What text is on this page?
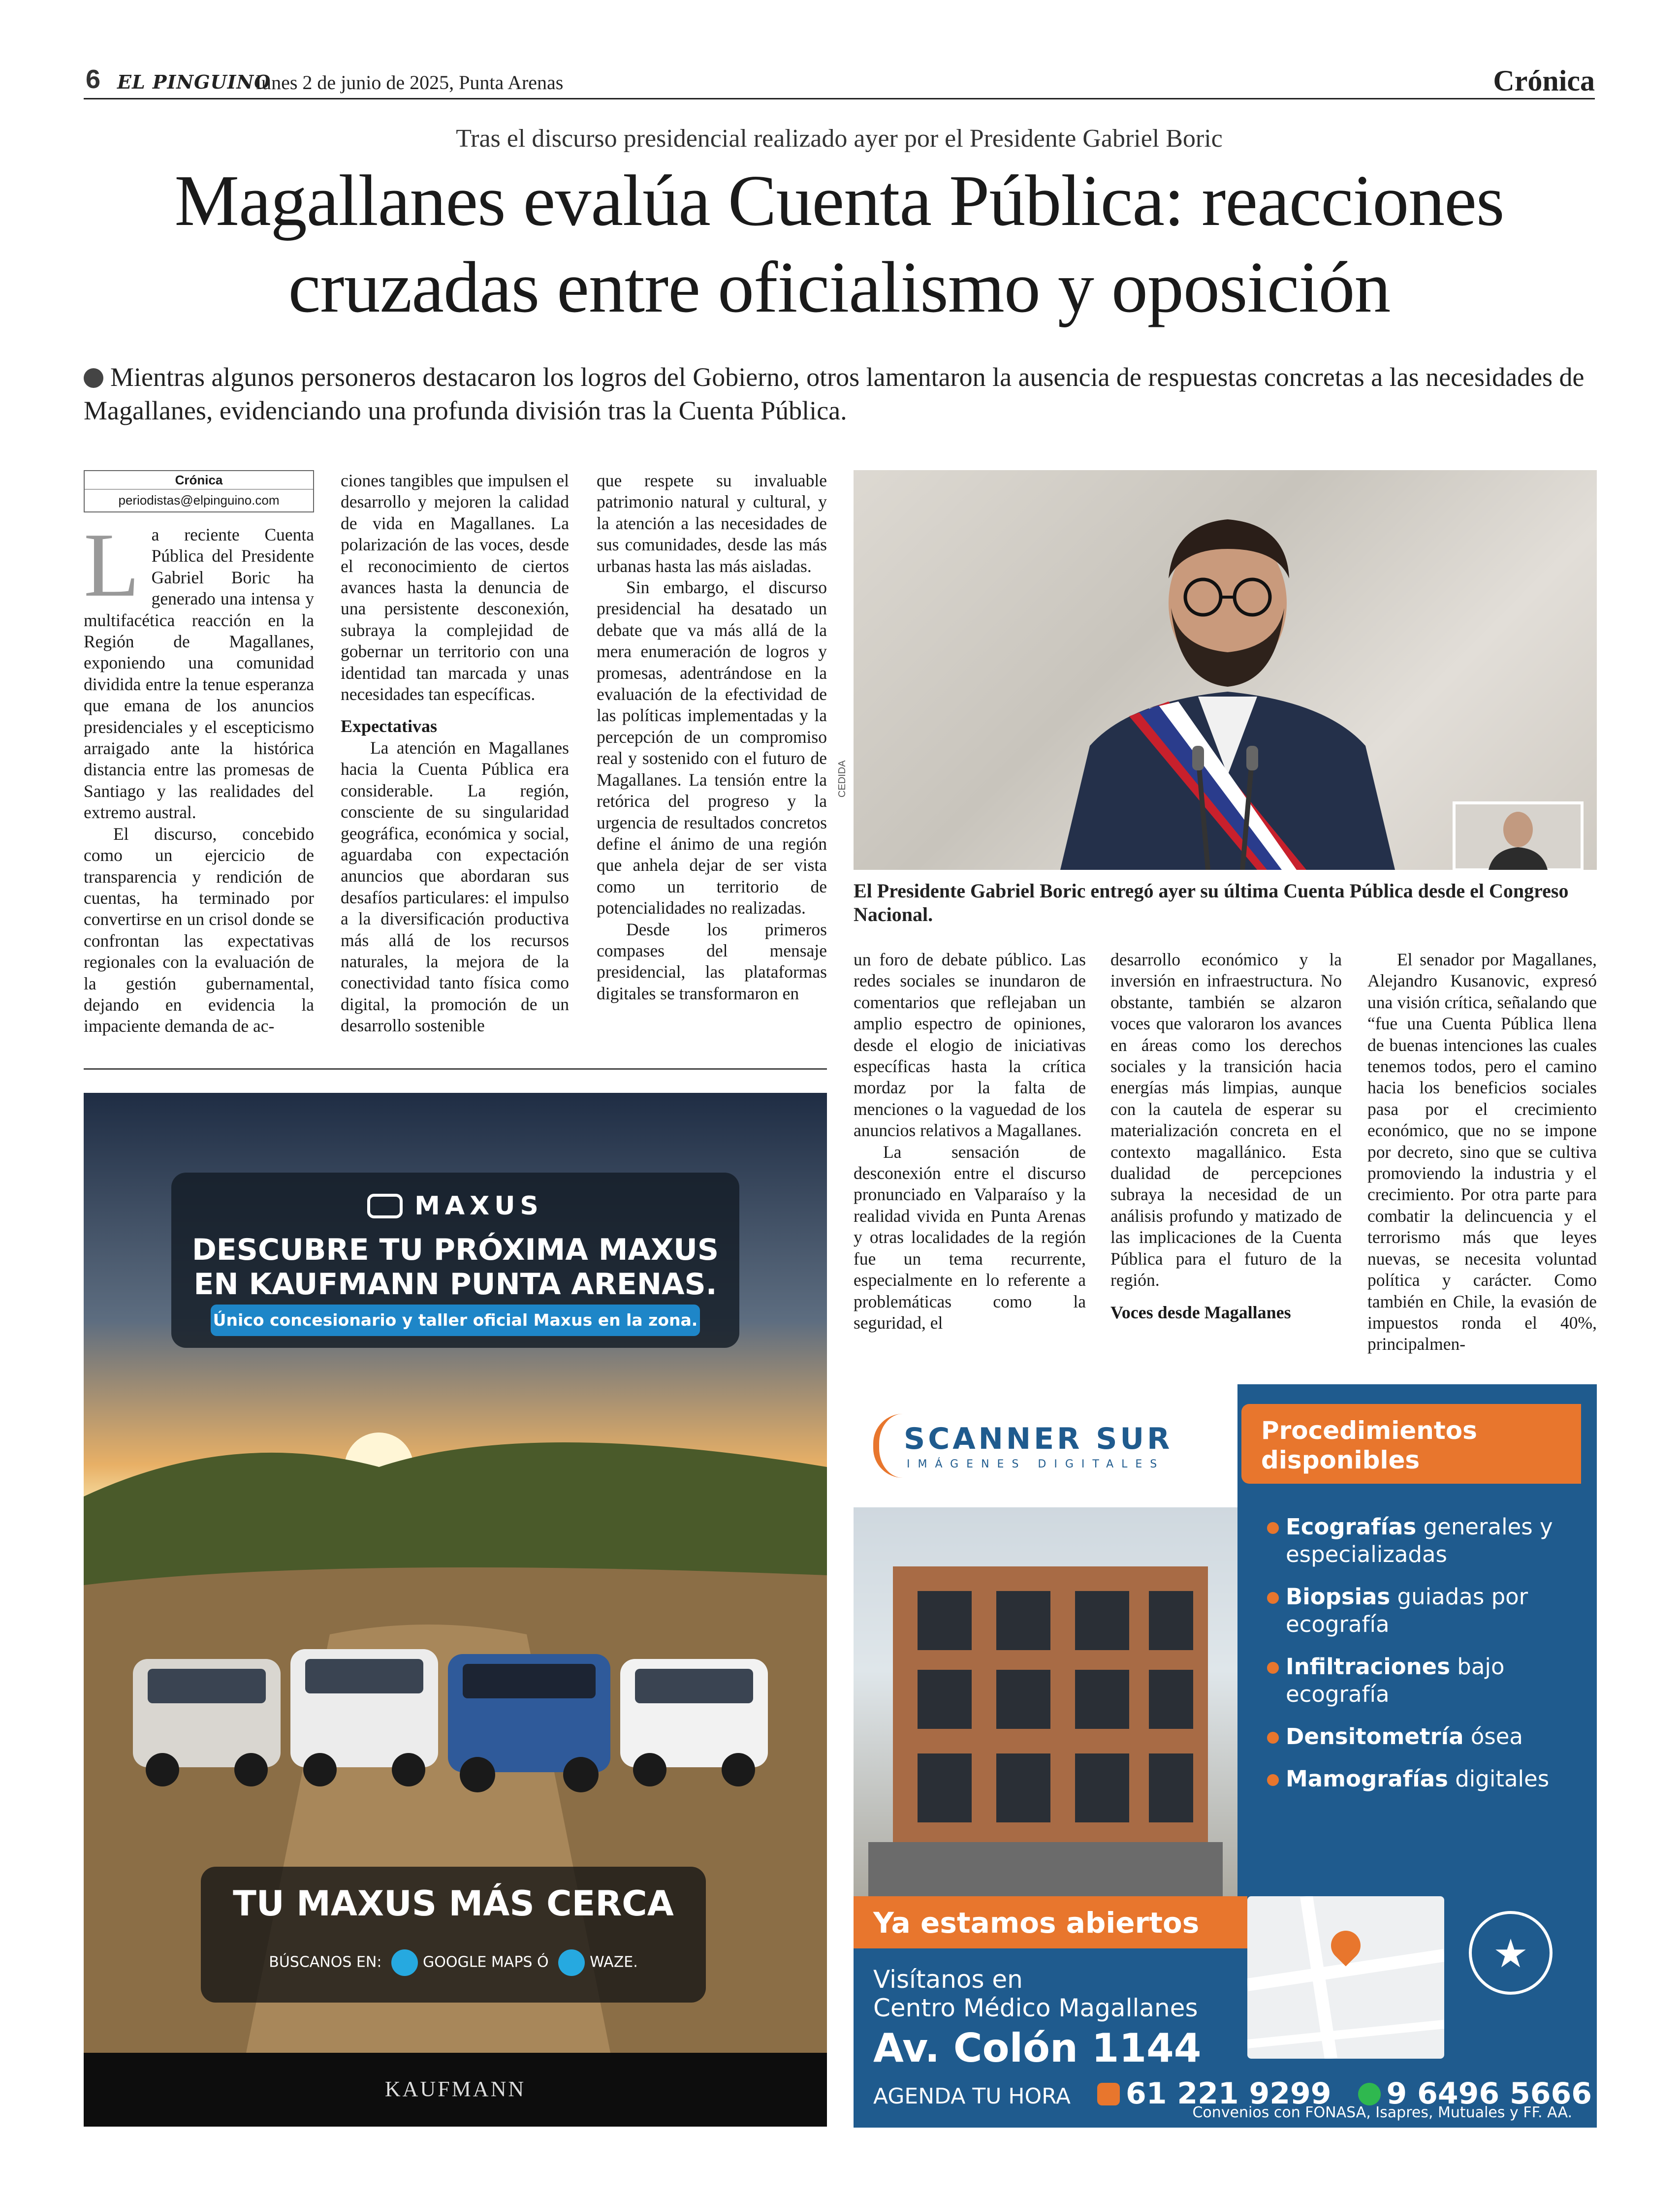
6 EL PINGUINO
lunes 2 de junio de 2025, Punta Arenas	Crónica
Tras el discurso presidencial realizado ayer por el Presidente Gabriel Boric
Magallanes evalúa Cuenta Pública: reacciones
cruzadas entre oficialismo y oposición
Mientras algunos personeros destacaron los logros del Gobierno, otros lamentaron la ausencia de respuestas concretas a las necesidades de Magallanes, evidenciando una profunda división tras la Cuenta Pública.
Crónica
periodistas@elpinguino.com
L a reciente Cuenta Pública del Presidente Gabriel Boric ha generado una intensa y multifacética reacción en la Región de Magallanes, exponiendo una comunidad dividida entre la tenue esperanza que emana de los anuncios presidenciales y el escepticismo arraigado ante la histórica distancia entre las promesas de Santiago y las realidades del extremo austral.

El discurso, concebido como un ejercicio de transparencia y rendición de cuentas, ha terminado por convertirse en un crisol donde se confrontan las expectativas regionales con la evaluación de la gestión gubernamental, dejando en evidencia la impaciente demanda de ac-

ciones tangibles que impulsen el desarrollo y mejoren la calidad de vida en Magallanes. La polarización de las voces, desde el reconocimiento de ciertos avances hasta la denuncia de una persistente desconexión, subraya la complejidad de gobernar un territorio con una identidad tan marcada y unas necesidades tan específicas.

Expectativas

La atención en Magallanes hacia la Cuenta Pública era considerable. La región, consciente de su singularidad geográfica, económica y social, aguardaba con expectación anuncios que abordaran sus desafíos particulares: el impulso a la diversificación productiva más allá de los recursos naturales, la mejora de la conectividad tanto física como digital, la promoción de un desarrollo sostenible

que respete su invaluable patrimonio natural y cultural, y la atención a las necesidades de sus comunidades, desde las más urbanas hasta las más aisladas.

Sin embargo, el discurso presidencial ha desatado un debate que va más allá de la mera enumeración de logros y promesas, adentrándose en la evaluación de la efectividad de las políticas implementadas y la percepción de un compromiso real y sostenido con el futuro de Magallanes. La tensión entre la retórica del progreso y la urgencia de resultados concretos define el ánimo de una región que anhela dejar de ser vista como un territorio de potencialidades no realizadas.

Desde los primeros compases del mensaje presidencial, las plataformas digitales se transformaron en

CEDIDA
El Presidente Gabriel Boric entregó ayer su última Cuenta Pública desde el Congreso Nacional.

un foro de debate público. Las redes sociales se inundaron de comentarios que reflejaban un amplio espectro de opiniones, desde el elogio de iniciativas específicas hasta la crítica mordaz por la falta de menciones o la vaguedad de los anuncios relativos a Magallanes.

La sensación de desconexión entre el discurso pronunciado en Valparaíso y la realidad vivida en Punta Arenas y otras localidades de la región fue un tema recurrente, especialmente en lo referente a problemáticas como la seguridad, el

desarrollo económico y la inversión en infraestructura. No obstante, también se alzaron voces que valoraron los avances en áreas como los derechos sociales y la transición hacia energías más limpias, aunque con la cautela de esperar su materialización concreta en el contexto magallánico. Esta dualidad de percepciones subraya la necesidad de un análisis profundo y matizado de las implicaciones de la Cuenta Pública para el futuro de la región.

Voces desde Magallanes

El senador por Magallanes, Alejandro Kusanovic, expresó una visión crítica, señalando que “fue una Cuenta Pública llena de buenas intenciones las cuales tenemos todos, pero el camino hacia los beneficios sociales pasa por el crecimiento económico, que no se impone por decreto, sino que se cultiva promoviendo la industria y el crecimiento. Por otra parte para combatir la delincuencia y el terrorismo más que leyes nuevas, se necesita voluntad política y carácter. Como también en Chile, la evasión de impuestos ronda el 40%, principalmen-

MAXUS
DESCUBRE TU PRÓXIMA MAXUS
EN KAUFMANN PUNTA ARENAS.
Único concesionario y taller oficial Maxus en la zona.
TU MAXUS MÁS CERCA
BÚSCANOS EN:	GOOGLE MAPS Ó	WAZE.
KAUFMANN
SCANNER SUR
IMÁGENES DIGITALES
Procedimientos
disponibles
Ecografías generales y especializadas
Biopsias guiadas por ecografía
Infiltraciones bajo ecografía
Densitometría ósea
Mamografías digitales
Ya estamos abiertos
Visítanos en
Centro Médico Magallanes
Av. Colón 1144
★
AGENDA TU HORA 61 221 9299 9 6496 5666
Convenios con FONASA, Isapres, Mutuales y FF. AA.
